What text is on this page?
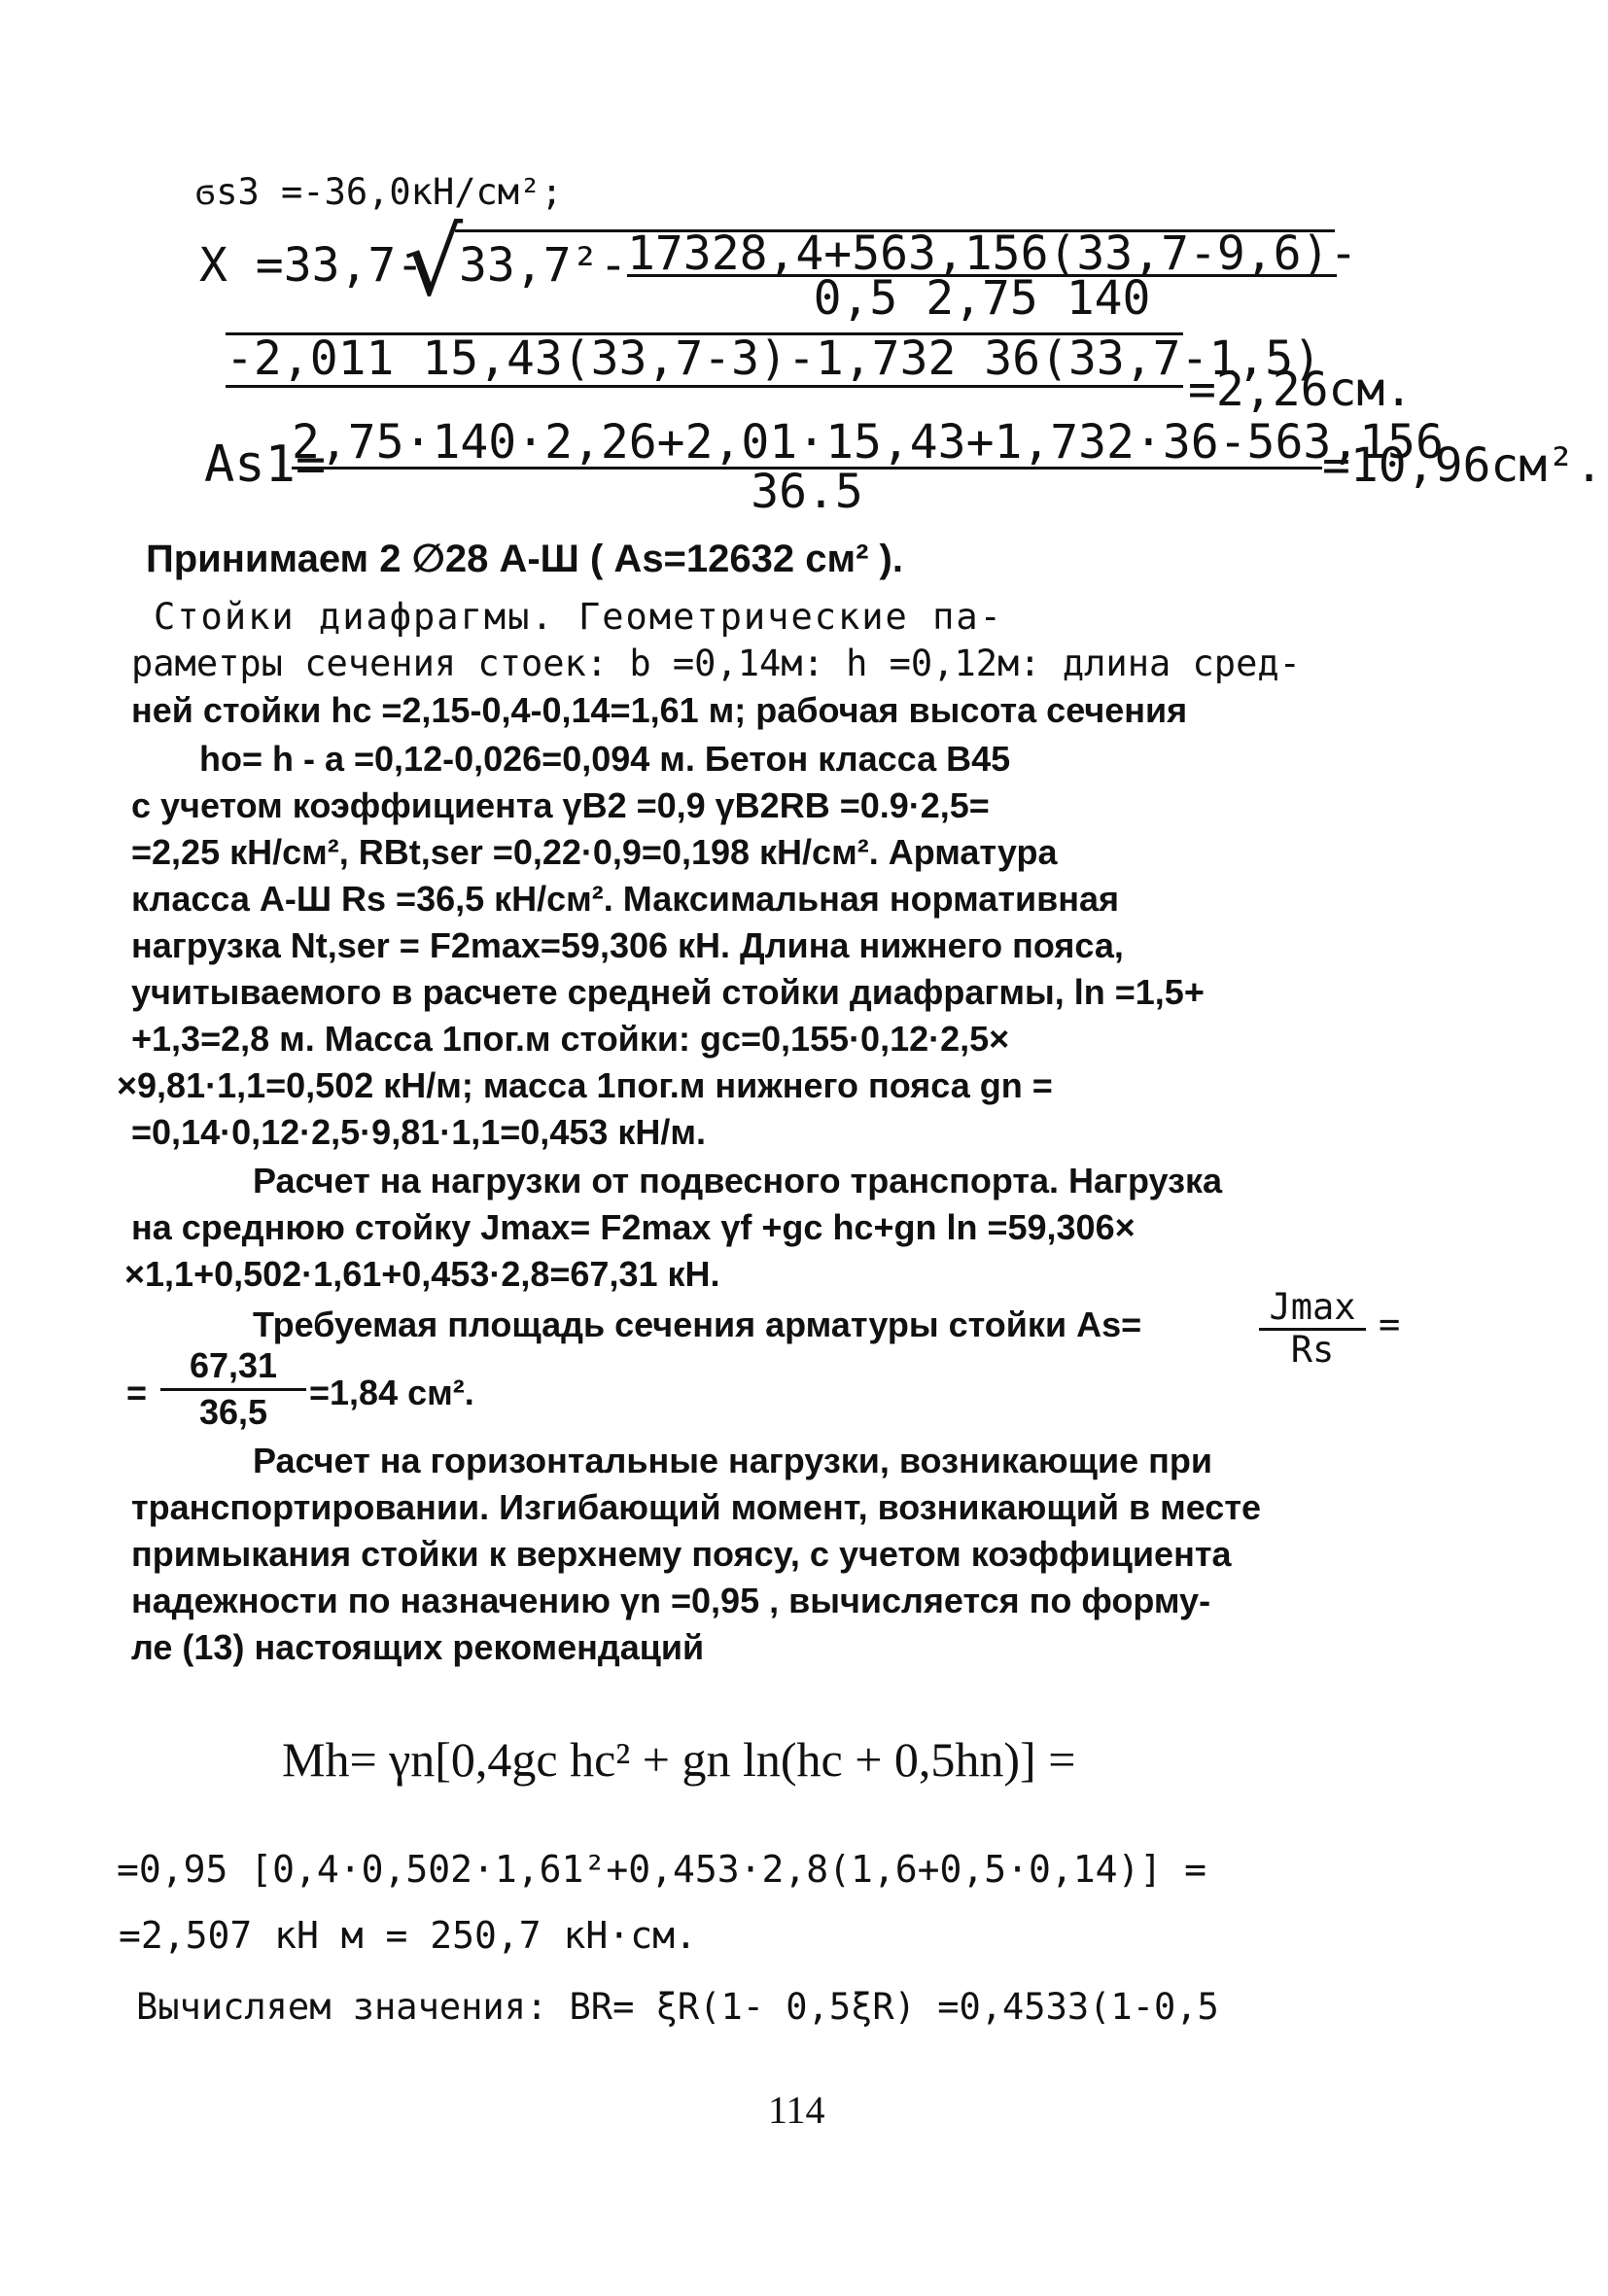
ϭs3 =-36,0кН/см²;
X =33,7-
√
33,7²- 17328,4+563,156(33,7-9,6)-
0,5 2,75 140
-2,011 15,43(33,7-3)-1,732 36(33,7-1,5)
=2,26см.
As1=
2,75·140·2,26+2,01·15,43+1,732·36-563,156
36.5	=10,96см².
Принимаем 2 ∅28 А-Ш ( As=12632 см² ).
Стойки диафрагмы. Геометрические па-
раметры сечения стоек: b =0,14м: h =0,12м: длина сред-
ней стойки hc =2,15-0,4-0,14=1,61 м; рабочая высота сечения
ho= h - a =0,12-0,026=0,094 м. Бетон класса В45
с учетом коэффициента γB2 =0,9 γB2RB =0.9·2,5=
=2,25 кН/см², RBt,ser =0,22·0,9=0,198 кН/см². Арматура
класса А-Ш Rs =36,5 кН/см². Максимальная нормативная
нагрузка Nt,ser = F2max=59,306 кН. Длина нижнего пояса,
учитываемого в расчете средней стойки диафрагмы, ln =1,5+
+1,3=2,8 м. Масса 1пог.м стойки: gc=0,155·0,12·2,5×
×9,81·1,1=0,502 кН/м; масса 1пог.м нижнего пояса gn =
=0,14·0,12·2,5·9,81·1,1=0,453 кН/м.
Расчет на нагрузки от подвесного транспорта. Нагрузка
на среднюю стойку Jmax= F2max γf +gc hc+gn ln =59,306×
×1,1+0,502·1,61+0,453·2,8=67,31 кН.
Требуемая площадь сечения арматуры стойки As=	Jmax
Rs
=
=
67,31
36,5	=1,84 см².
Расчет на горизонтальные нагрузки, возникающие при
транспортировании. Изгибающий момент, возникающий в месте
примыкания стойки к верхнему поясу, с учетом коэффициента
надежности по назначению γn =0,95 , вычисляется по форму-
ле (13) настоящих рекомендаций
Mh= γn[0,4gc hc² + gn ln(hc + 0,5hn)] =
=0,95 [0,4·0,502·1,61²+0,453·2,8(1,6+0,5·0,14)] =
=2,507 кН м = 250,7 кН·см.
Вычисляем значения: BR= ξR(1- 0,5ξR) =0,4533(1-0,5
114
